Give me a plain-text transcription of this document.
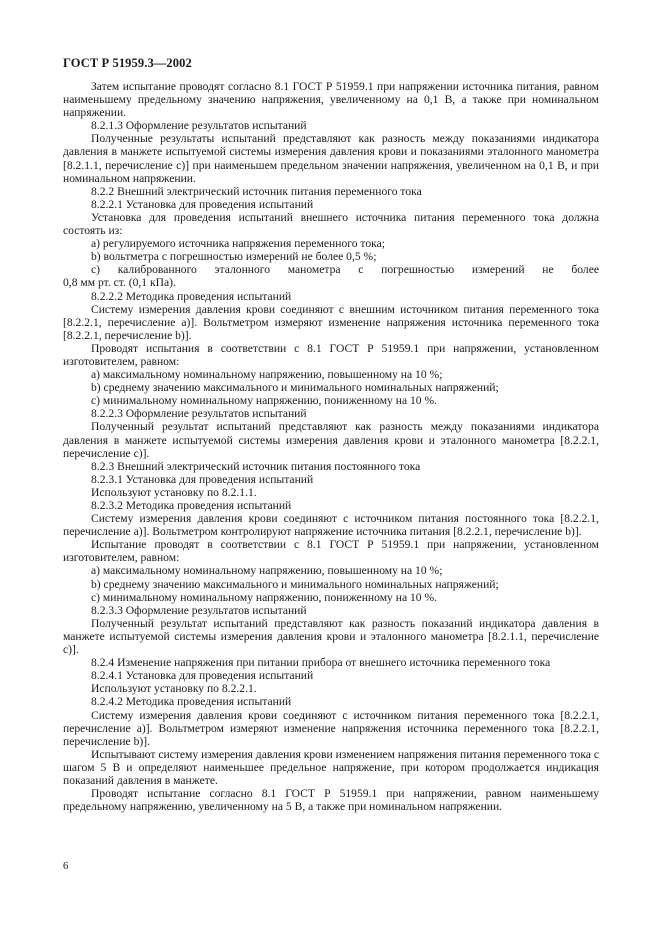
ГОСТ Р 51959.3—2002

Затем испытание проводят согласно 8.1 ГОСТ Р 51959.1 при напряжении источника питания, равном наименьшему предельному значению напряжения, увеличенному на 0,1 В, а также при номинальном напряжении.

8.2.1.3 Оформление результатов испытаний

Полученные результаты испытаний представляют как разность между показаниями индикатора давления в манжете испытуемой системы измерения давления крови и показаниями эталонного манометра [8.2.1.1, перечисление с)] при наименьшем предельном значении напряжения, увеличенном на 0,1 В, и при номинальном напряжении.

8.2.2 Внешний электрический источник питания переменного тока

8.2.2.1 Установка для проведения испытаний

Установка для проведения испытаний внешнего источника питания переменного тока должна состоять из:

а) регулируемого источника напряжения переменного тока;

b) вольтметра с погрешностью измерений не более 0,5 %;

с) калиброванного эталонного манометра с погрешностью измерений не более

0,8 мм рт. ст. (0,1 кПа).

8.2.2.2 Методика проведения испытаний

Систему измерения давления крови соединяют с внешним источником питания переменного тока [8.2.2.1, перечисление а)]. Вольтметром измеряют изменение напряжения источника переменного тока [8.2.2.1, перечисление b)].

Проводят испытания в соответствии с 8.1 ГОСТ Р 51959.1 при напряжении, установленном изготовителем, равном:

а) максимальному номинальному напряжению, повышенному на 10 %;

b) среднему значению максимального и минимального номинальных напряжений;

с) минимальному номинальному напряжению, пониженному на 10 %.

8.2.2.3 Оформление результатов испытаний

Полученный результат испытаний представляют как разность между показаниями индикатора давления в манжете испытуемой системы измерения давления крови и эталонного манометра [8.2.2.1, перечисление с)].

8.2.3 Внешний электрический источник питания постоянного тока

8.2.3.1 Установка для проведения испытаний

Используют установку по 8.2.1.1.

8.2.3.2 Методика проведения испытаний

Систему измерения давления крови соединяют с источником питания постоянного тока [8.2.2.1, перечисление а)]. Вольтметром контролируют напряжение источника питания [8.2.2.1, перечисление b)].

Испытание проводят в соответствии с 8.1 ГОСТ Р 51959.1 при напряжении, установленном изготовителем, равном:

а) максимальному номинальному напряжению, повышенному на 10 %;

b) среднему значению максимального и минимального номинальных напряжений;

с) минимальному номинальному напряжению, пониженному на 10 %.

8.2.3.3 Оформление результатов испытаний

Полученный результат испытаний представляют как разность показаний индикатора давления в манжете испытуемой системы измерения давления крови и эталонного манометра [8.2.1.1, перечисление с)].

8.2.4 Изменение напряжения при питании прибора от внешнего источника переменного тока

8.2.4.1 Установка для проведения испытаний

Используют установку по 8.2.2.1.

8.2.4.2 Методика проведения испытаний

Систему измерения давления крови соединяют с источником питания переменного тока [8.2.2.1, перечисление а)]. Вольтметром измеряют изменение напряжения источника переменного тока [8.2.2.1, перечисление b)].

Испытывают систему измерения давления крови изменением напряжения питания переменного тока с шагом 5 В и определяют наименьшее предельное напряжение, при котором продолжается индикация показаний давления в манжете.

Проводят испытание согласно 8.1 ГОСТ Р 51959.1 при напряжении, равном наименьшему предельному напряжению, увеличенному на 5 В, а также при номинальном напряжении.

6
